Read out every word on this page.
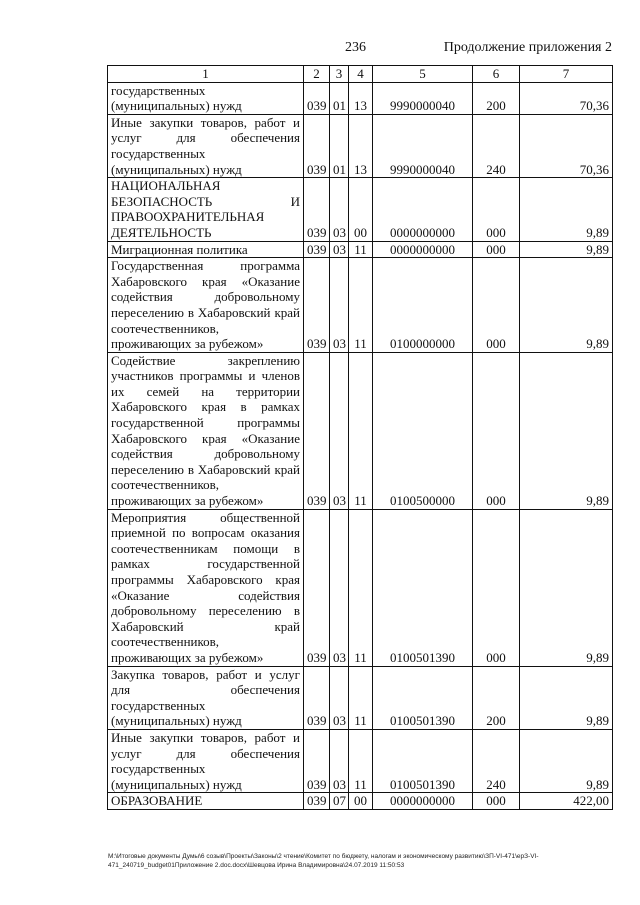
236	Продолжение приложения 2
1	2	3	4	5	6	7
государственных (муниципальных) нужд	039	01	13	9990000040	200	70,36
Иные закупки товаров, работ и услуг для обеспечения государственных (муниципальных) нужд	039	01	13	9990000040	240	70,36
НАЦИОНАЛЬНАЯ БЕЗОПАСНОСТЬ И ПРАВООХРАНИТЕЛЬНАЯ ДЕЯТЕЛЬНОСТЬ	039	03	00	0000000000	000	9,89
Миграционная политика	039	03	11	0000000000	000	9,89
Государственная программа Хабаровского края «Оказание содействия добровольному переселению в Хабаровский край соотечественников, проживающих за рубежом»	039	03	11	0100000000	000	9,89
Содействие закреплению участников программы и членов их семей на территории Хабаровского края в рамках государственной программы Хабаровского края «Оказание содействия добровольному переселению в Хабаровский край соотечественников, проживающих за рубежом»	039	03	11	0100500000	000	9,89
Мероприятия общественной приемной по вопросам оказания соотечественникам помощи в рамках государственной программы Хабаровского края «Оказание содействия добровольному переселению в Хабаровский край соотечественников, проживающих за рубежом»	039	03	11	0100501390	000	9,89
Закупка товаров, работ и услуг для обеспечения государственных (муниципальных) нужд	039	03	11	0100501390	200	9,89
Иные закупки товаров, работ и услуг для обеспечения государственных (муниципальных) нужд	039	03	11	0100501390	240	9,89
ОБРАЗОВАНИЕ	039	07	00	0000000000	000	422,00
М:\Итоговые документы Думы\6 созыв\Проекты\Законы\2 чтение\Комитет по бюджету, налогам и экономическому развитию\ЗП-VI-471\ерЗ-VI-471_240719_budget01Приложение 2.doc.docx\Шевцова Ирина Владимировна\24.07.2019 11:50:53
